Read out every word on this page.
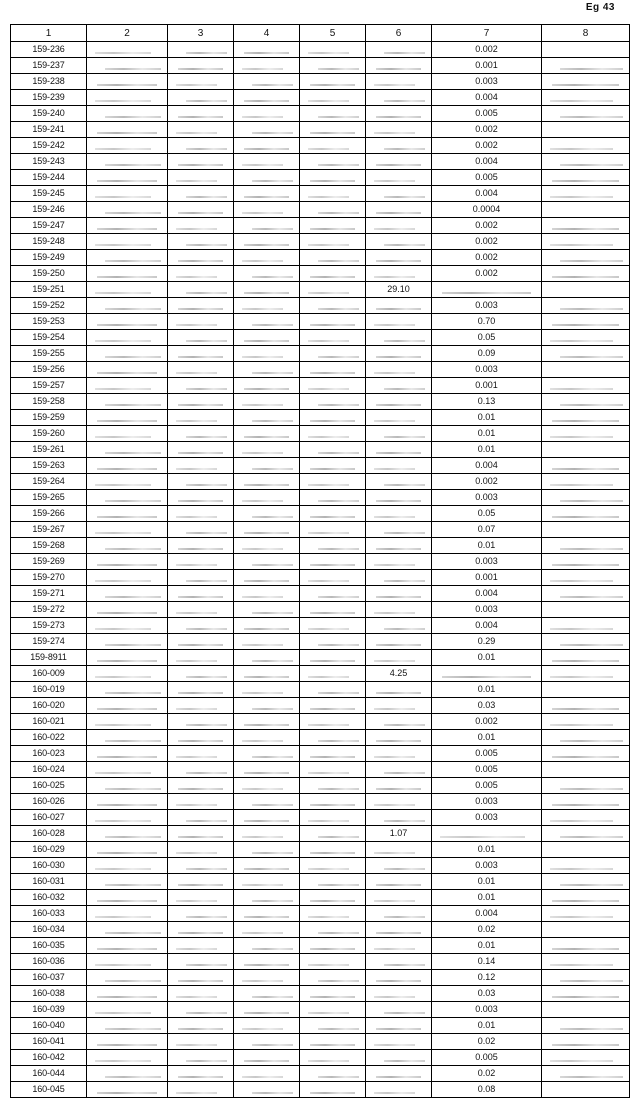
Eg 43
1	2	3	4	5	6	7	8
159-236						0.002	

159-237						0.001	

159-238						0.003	

159-239						0.004	

159-240						0.005	

159-241						0.002	

159-242						0.002	

159-243						0.004	

159-244						0.005	

159-245						0.004	

159-246						0.0004	

159-247						0.002	

159-248						0.002	

159-249						0.002	

159-250						0.002	

159-251					29.10	

159-252						0.003	

159-253						0.70	

159-254						0.05	

159-255						0.09	

159-256						0.003	

159-257						0.001	

159-258						0.13	

159-259						0.01	

159-260						0.01	

159-261						0.01	

159-263						0.004	

159-264						0.002	

159-265						0.003	

159-266						0.05	

159-267						0.07	

159-268						0.01	

159-269						0.003	

159-270						0.001	

159-271						0.004	

159-272						0.003	

159-273						0.004	

159-274						0.29	

159-8911						0.01	

160-009					4.25	

160-019						0.01	

160-020						0.03	

160-021						0.002	

160-022						0.01	

160-023						0.005	

160-024						0.005	

160-025						0.005	

160-026						0.003	

160-027						0.003	

160-028					1.07	

160-029						0.01	

160-030						0.003	

160-031						0.01	

160-032						0.01	

160-033						0.004	

160-034						0.02	

160-035						0.01	

160-036						0.14	

160-037						0.12	

160-038						0.03	

160-039						0.003	

160-040						0.01	

160-041						0.02	

160-042						0.005	

160-044						0.02	

160-045						0.08	
